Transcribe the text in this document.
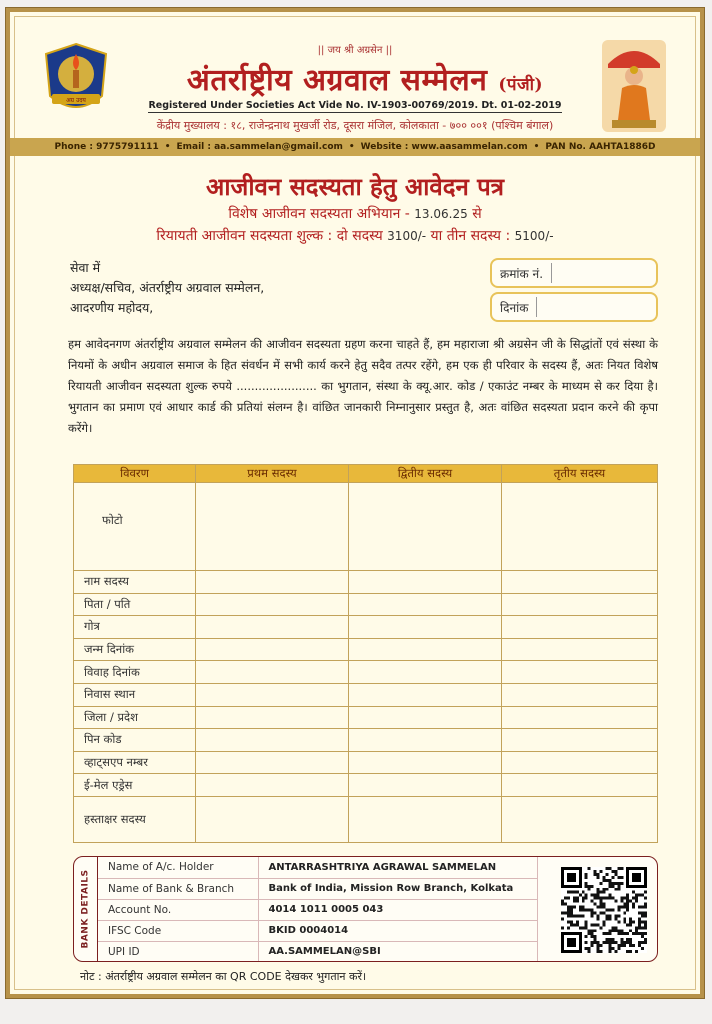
अग्र उदय
|| जय श्री अग्रसेन ||
अंतर्राष्ट्रीय अग्रवाल सम्मेलन (पंजी)
Registered Under Societies Act Vide No. IV-1903-00769/2019. Dt. 01-02-2019
केंद्रीय मुख्यालय : १८, राजेन्द्रनाथ मुखर्जी रोड, दूसरा मंजिल, कोलकाता - ७०० ००१ (पश्चिम बंगाल)
Phone : 9775791111 • Email : aa.sammelan@gmail.com • Website : www.aasammelan.com • PAN No. AAHTA1886D
आजीवन सदस्यता हेतु आवेदन पत्र
विशेष आजीवन सदस्यता अभियान - 13.06.25 से
रियायती आजीवन सदस्यता शुल्क : दो सदस्य 3100/- या तीन सदस्य : 5100/-
सेवा में
अध्यक्ष/सचिव, अंतर्राष्ट्रीय अग्रवाल सम्मेलन,
आदरणीय महोदय,
क्रमांक नं.
दिनांक
हम आवेदनगण अंतर्राष्ट्रीय अग्रवाल सम्मेलन की आजीवन सदस्यता ग्रहण करना चाहते हैं, हम महाराजा श्री अग्रसेन जी के सिद्धांतों एवं संस्था के नियमों के अधीन अग्रवाल समाज के हित संवर्धन में सभी कार्य करने हेतु सदैव तत्पर रहेंगे, हम एक ही परिवार के सदस्य हैं, अतः नियत विशेष रियायती आजीवन सदस्यता शुल्क रुपये ...................... का भुगतान, संस्था के क्यू.आर. कोड / एकाउंट नम्बर के माध्यम से कर दिया है। भुगतान का प्रमाण एवं आधार कार्ड की प्रतियां संलग्न है। वांछित जानकारी निम्नानुसार प्रस्तुत है, अतः वांछित सदस्यता प्रदान करने की कृपा करेंगे।
विवरण	प्रथम सदस्य	द्वितीय सदस्य	तृतीय सदस्य
फोटो			
नाम सदस्य			
पिता / पति			
गोत्र			
जन्म दिनांक			
विवाह दिनांक			
निवास स्थान			
जिला / प्रदेश			
पिन कोड			
व्हाट्सएप नम्बर			
ई-मेल एड्रेस			
हस्ताक्षर सदस्य			
BANK DETAILS
Name of A/c. Holder	ANTARRASHTRIYA AGRAWAL SAMMELAN
Name of Bank & Branch	Bank of India, Mission Row Branch, Kolkata
Account No.	4014 1011 0005 043
IFSC Code	BKID 0004014
UPI ID	AA.SAMMELAN@SBI
नोट : अंतर्राष्ट्रीय अग्रवाल सम्मेलन का QR CODE देखकर भुगतान करें।
